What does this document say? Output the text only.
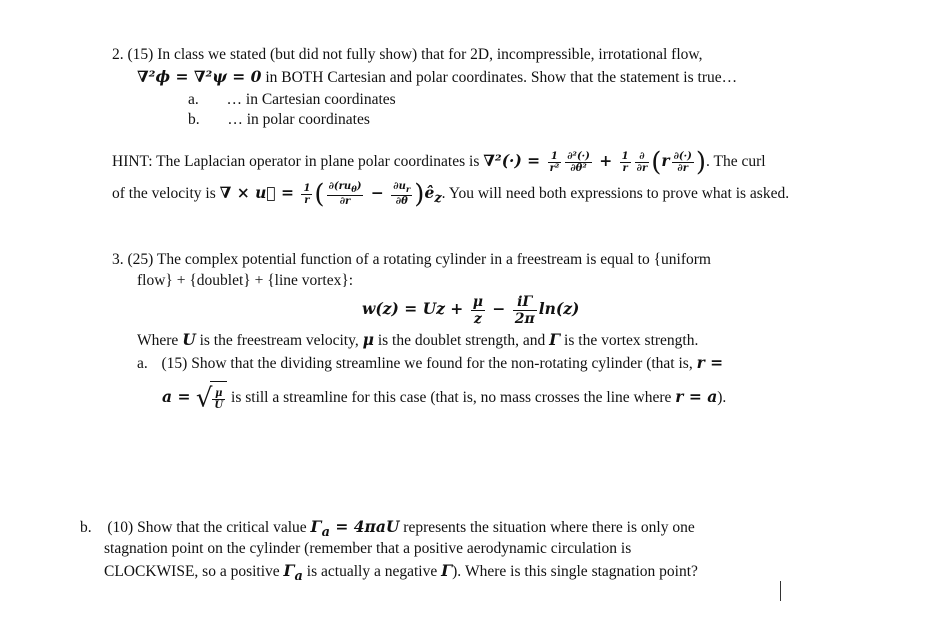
2. (15) In class we stated (but did not fully show) that for 2D, incompressible, irrotational flow,
∇²ϕ = ∇²ψ = 0 in BOTH Cartesian and polar coordinates. Show that the statement is true…
a. … in Cartesian coordinates
b. … in polar coordinates
HINT: The Laplacian operator in plane polar coordinates is $\nabla^2(\cdot) = \frac{1}{\text{r²}} \frac{\text{∂²(·)}}{\text{∂θ²}} + \frac{1}{r} \frac{\partial}{\partial r} (r \frac{\partial(\cdot)}{\partial r}$ ). The curl
of the velocity is ∇ × u⃗ = $\frac{1}{r}$ ( $\frac{\partial(ru_\theta)}{\partial r} - \frac{\partial u_r}{\partial\theta}$ )$ê_z$. You will need both expressions to prove what is asked.
3. (25) The complex potential function of a rotating cylinder in a freestream is equal to {uniform
flow} + {doublet} + {line vortex}:
$w(z) = Uz + \frac{\mu}{z} - \frac{i\Gamma}{2\pi} \ln(z)$
Where U is the freestream velocity, μ is the doublet strength, and Γ is the vortex strength.
a. (15) Show that the dividing streamline we found for the non-rotating cylinder (that is, r =
a = √ $\frac{\mu}{U}$ is still a streamline for this case (that is, no mass crosses the line where r = a).
b. (10) Show that the critical value $\Gamma_a = 4\pi aU$ represents the situation where there is only one
stagnation point on the cylinder (remember that a positive aerodynamic circulation is
CLOCKWISE, so a positive $\Gamma_a$ is actually a negative Γ). Where is this single stagnation point?
